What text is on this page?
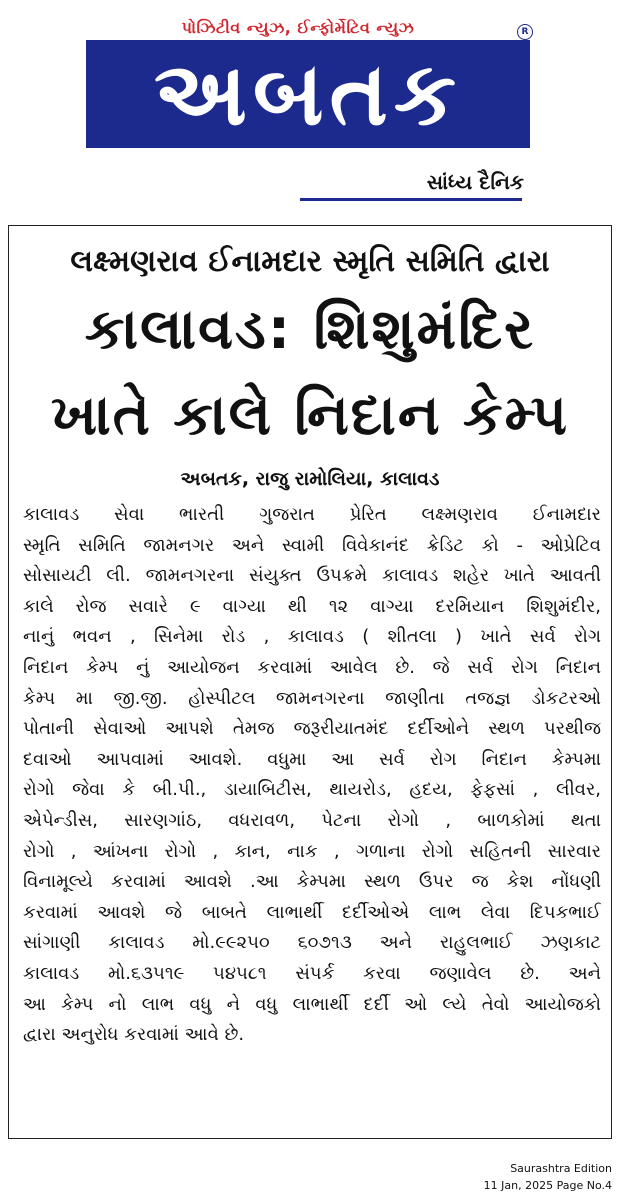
પોઝિટીવ ન્યુઝ, ઈન્ફોર્મેટિવ ન્યુઝ	R
અબતક
સાંધ્ય દૈનિક
લક્ષ્મણરાવ ઈનામદાર સ્મૃતિ સમિતિ દ્વારા
કાલાવડ: શિશુમંદિર
ખાતે કાલે નિદાન કેમ્પ
અબતક, રાજુ રામોલિયા, કાલાવડ
કાલાવડ સેવા ભારતી ગુજરાત પ્રેરિત લક્ષ્મણરાવ ઈનામદાર
સ્મૃતિ સમિતિ જામનગર અને સ્વામી વિવેકાનંદ ક્રેડિટ કો - ઓપ્રેટિવ
સોસાયટી લી. જામનગરના સંયુક્ત ઉપક્રમે કાલાવડ શહેર ખાતે આવતી
કાલે રોજ સવારે ૯ વાગ્યા થી ૧૨ વાગ્યા દરમિયાન શિશુમંદીર,
નાનું ભવન , સિનેમા રોડ , કાલાવડ ( શીતલા ) ખાતે સર્વ રોગ
નિદાન કેમ્પ નું આયોજન કરવામાં આવેલ છે. જે સર્વ રોગ નિદાન
કેમ્પ મા જી.જી. હોસ્પીટલ જામનગરના જાણીતા તજજ્ઞ ડોકટરઓ
પોતાની સેવાઓ આપશે તેમજ જરૂરીયાતમંદ દર્દીઓને સ્થળ પરથીજ
દવાઓ આપવામાં આવશે. વધુમા આ સર્વ રોગ નિદાન કેમ્પમા
રોગો જેવા કે બી.પી., ડાયાબિટીસ, થાયરોડ, હદય, ફેફસાં , લીવર,
એપેન્ડીસ, સારણગાંઠ, વધરાવળ, પેટના રોગો , બાળકોમાં થતા
રોગો , આંખના રોગો , કાન, નાક , ગળાના રોગો સહિતની સારવાર
વિનામૂલ્યે કરવામાં આવશે .આ કેમ્પમા સ્થળ ઉપર જ કેશ નોંધણી
કરવામાં આવશે જે બાબતે લાભાર્થી દર્દીઓએ લાભ લેવા દિપકભાઈ
સાંગાણી કાલાવડ મો.૯૯૨૫૦ ૬૦૭૧૩ અને રાહુલભાઈ ઝણકાટ
કાલાવડ મો.૬૩૫૧૯ ૫૪૫૮૧ સંપર્ક કરવા જણાવેલ છે. અને
આ કેમ્પ નો લાભ વધુ ને વધુ લાભાર્થી દર્દી ઓ લ્યે તેવો આયોજકો
દ્વારા અનુરોધ કરવામાં આવે છે.
Saurashtra Edition
11 Jan, 2025 Page No.4
